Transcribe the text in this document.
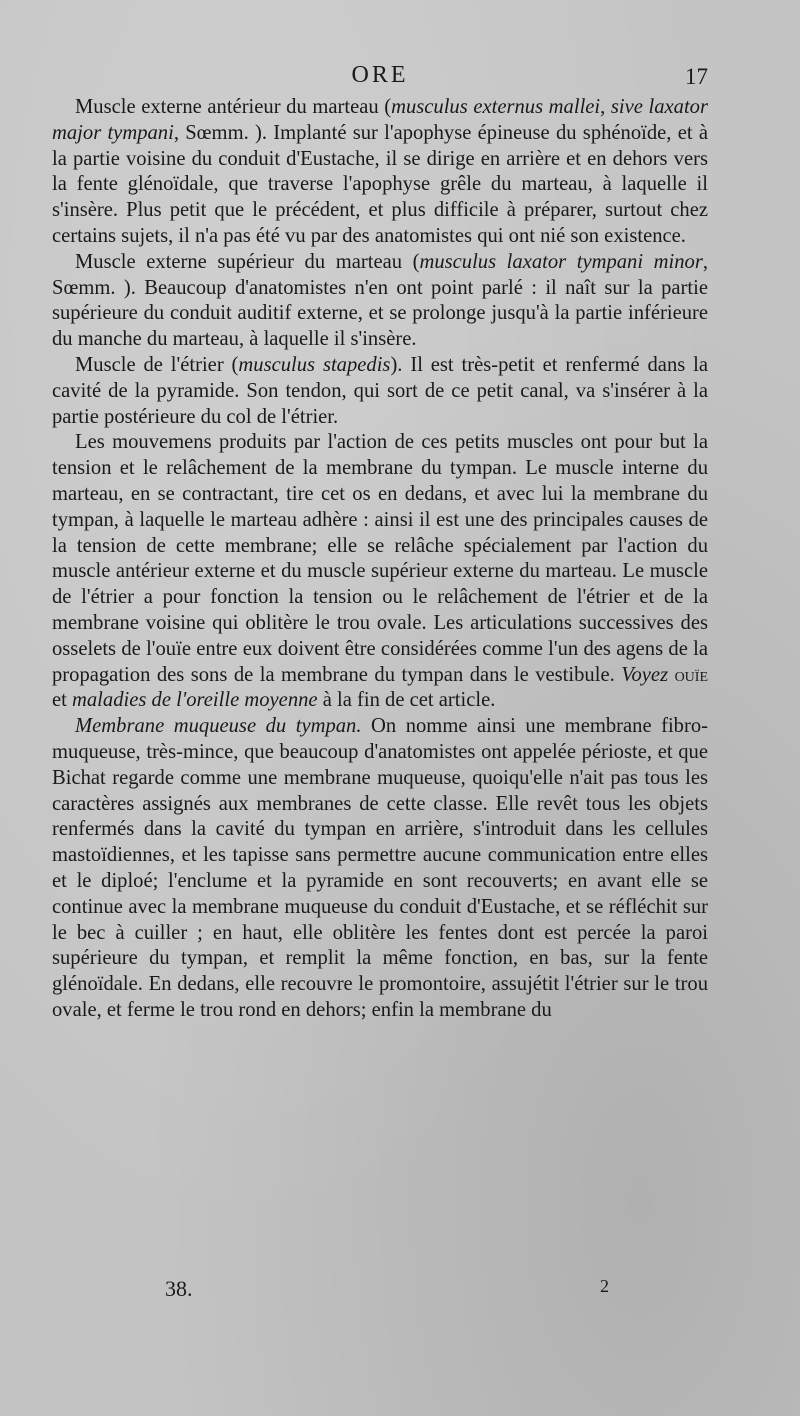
ORE	17

Muscle externe antérieur du marteau (musculus externus mallei, sive laxator major tympani, Sœmm. ). Implanté sur l'apophyse épineuse du sphénoïde, et à la partie voisine du conduit d'Eustache, il se dirige en arrière et en dehors vers la fente glénoïdale, que traverse l'apophyse grêle du marteau, à laquelle il s'insère. Plus petit que le précédent, et plus difficile à préparer, surtout chez certains sujets, il n'a pas été vu par des anatomistes qui ont nié son existence.

Muscle externe supérieur du marteau (musculus laxator tympani minor, Sœmm. ). Beaucoup d'anatomistes n'en ont point parlé : il naît sur la partie supérieure du conduit auditif externe, et se prolonge jusqu'à la partie inférieure du manche du marteau, à laquelle il s'insère.

Muscle de l'étrier (musculus stapedis). Il est très-petit et renfermé dans la cavité de la pyramide. Son tendon, qui sort de ce petit canal, va s'insérer à la partie postérieure du col de l'étrier.

Les mouvemens produits par l'action de ces petits muscles ont pour but la tension et le relâchement de la membrane du tympan. Le muscle interne du marteau, en se contractant, tire cet os en dedans, et avec lui la membrane du tympan, à laquelle le marteau adhère : ainsi il est une des principales causes de la tension de cette membrane; elle se relâche spécialement par l'action du muscle antérieur externe et du muscle supérieur externe du marteau. Le muscle de l'étrier a pour fonction la tension ou le relâchement de l'étrier et de la membrane voisine qui oblitère le trou ovale. Les articulations successives des osselets de l'ouïe entre eux doivent être considérées comme l'un des agens de la propagation des sons de la membrane du tympan dans le vestibule. Voyez ouïe et maladies de l'oreille moyenne à la fin de cet article.

Membrane muqueuse du tympan. On nomme ainsi une membrane fibro-muqueuse, très-mince, que beaucoup d'anatomistes ont appelée périoste, et que Bichat regarde comme une membrane muqueuse, quoiqu'elle n'ait pas tous les caractères assignés aux membranes de cette classe. Elle revêt tous les objets renfermés dans la cavité du tympan en arrière, s'introduit dans les cellules mastoïdiennes, et les tapisse sans permettre aucune communication entre elles et le diploé; l'enclume et la pyramide en sont recouverts; en avant elle se continue avec la membrane muqueuse du conduit d'Eustache, et se réfléchit sur le bec à cuiller ; en haut, elle oblitère les fentes dont est percée la paroi supérieure du tympan, et remplit la même fonction, en bas, sur la fente glénoïdale. En dedans, elle recouvre le promontoire, assujétit l'étrier sur le trou ovale, et ferme le trou rond en dehors; enfin la membrane du

38.	2
